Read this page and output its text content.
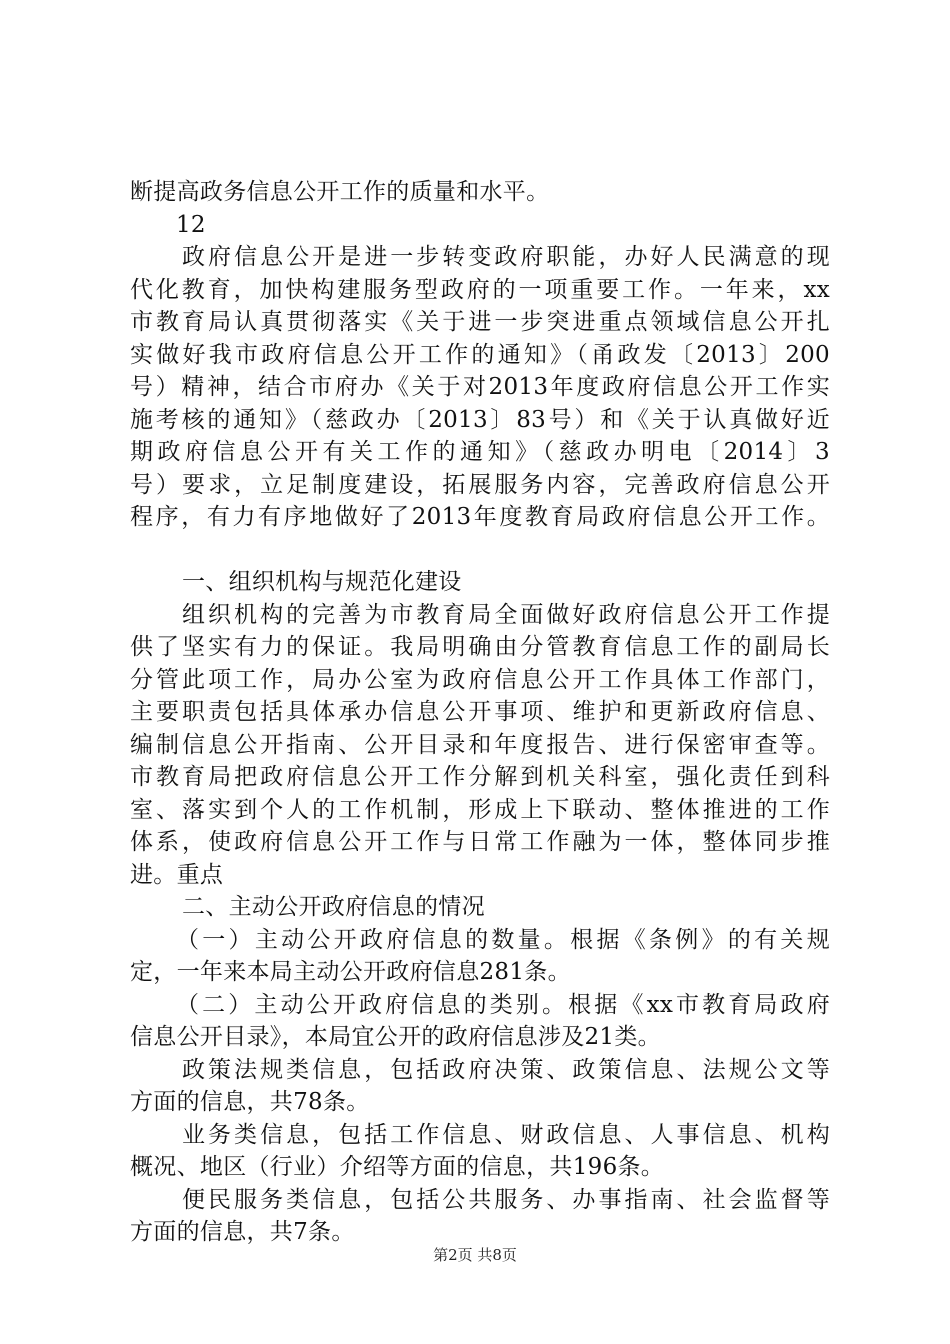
断提高政务信息公开工作的质量和水平。
12
政府信息公开是进一步转变政府职能，办好人民满意的现
代化教育，加快构建服务型政府的一项重要工作。一年来，xx
市教育局认真贯彻落实《关于进一步突进重点领域信息公开扎
实做好我市政府信息公开工作的通知》（甬政发〔2013〕200
号）精神，结合市府办《关于对2013年度政府信息公开工作实
施考核的通知》（慈政办〔2013〕83号）和《关于认真做好近
期政府信息公开有关工作的通知》（慈政办明电〔2014〕3
号）要求，立足制度建设，拓展服务内容，完善政府信息公开
程序，有力有序地做好了2013年度教育局政府信息公开工作。
一、组织机构与规范化建设
组织机构的完善为市教育局全面做好政府信息公开工作提
供了坚实有力的保证。我局明确由分管教育信息工作的副局长
分管此项工作，局办公室为政府信息公开工作具体工作部门，
主要职责包括具体承办信息公开事项、维护和更新政府信息、
编制信息公开指南、公开目录和年度报告、进行保密审查等。
市教育局把政府信息公开工作分解到机关科室，强化责任到科
室、落实到个人的工作机制，形成上下联动、整体推进的工作
体系，使政府信息公开工作与日常工作融为一体，整体同步推
进。重点
二、主动公开政府信息的情况
（一）主动公开政府信息的数量。根据《条例》的有关规
定，一年来本局主动公开政府信息281条。
（二）主动公开政府信息的类别。根据《xx市教育局政府
信息公开目录》，本局宜公开的政府信息涉及21类。
政策法规类信息，包括政府决策、政策信息、法规公文等
方面的信息，共78条。
业务类信息，包括工作信息、财政信息、人事信息、机构
概况、地区（行业）介绍等方面的信息，共196条。
便民服务类信息，包括公共服务、办事指南、社会监督等
方面的信息，共7条。
第2页 共8页
